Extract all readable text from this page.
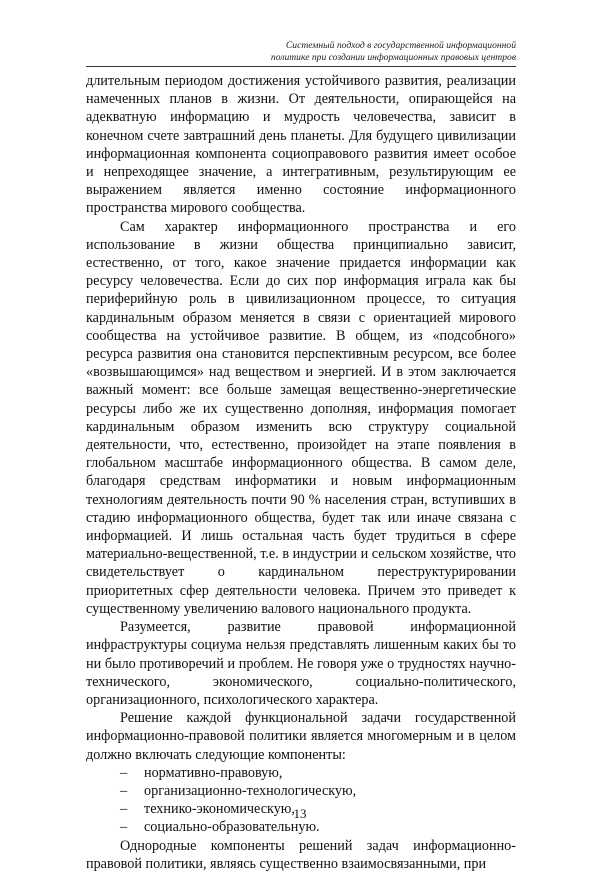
Системный подход в государственной информационной
политике при создании информационных правовых центров

длительным периодом достижения устойчивого развития, реализации намеченных планов в жизни. От деятельности, опирающейся на адекватную информацию и мудрость человечества, зависит в конечном счете завтрашний день планеты. Для будущего цивилизации информационная компонента социоправового развития имеет особое и непреходящее значение, а интегративным, результирующим ее выражением является именно состояние информационного пространства мирового сообщества.

Сам характер информационного пространства и его использование в жизни общества принципиально зависит, естественно, от того, какое значение придается информации как ресурсу человечества. Если до сих пор информация играла как бы периферийную роль в цивилизационном процессе, то ситуация кардинальным образом меняется в связи с ориентацией мирового сообщества на устойчивое развитие. В общем, из «подсобного» ресурса развития она становится перспективным ресурсом, все более «возвышающимся» над веществом и энергией. И в этом заключается важный момент: все больше замещая вещественно-энергетические ресурсы либо же их существенно дополняя, информация помогает кардинальным образом изменить всю структуру социальной деятельности, что, естественно, произойдет на этапе появления в глобальном масштабе информационного общества. В самом деле, благодаря средствам информатики и новым информационным технологиям деятельность почти 90 % населения стран, вступивших в стадию информационного общества, будет так или иначе связана с информацией. И лишь остальная часть будет трудиться в сфере материально-вещественной, т.е. в индустрии и сельском хозяйстве, что свидетельствует о кардинальном переструктурировании приоритетных сфер деятельности человека. Причем это приведет к существенному увеличению валового национального продукта.

Разумеется, развитие правовой информационной инфраструктуры социума нельзя представлять лишенным каких бы то ни было противоречий и проблем. Не говоря уже о трудностях научно-технического, экономического, социально-политического, организационного, психологического характера.

Решение каждой функциональной задачи государственной информационно-правовой политики является многомерным и в целом должно включать следующие компоненты:

– нормативно-правовую,
– организационно-технологическую,
– технико-экономическую,
– социально-образовательную.

Однородные компоненты решений задач информационно-правовой политики, являясь существенно взаимосвязанными, при

13
